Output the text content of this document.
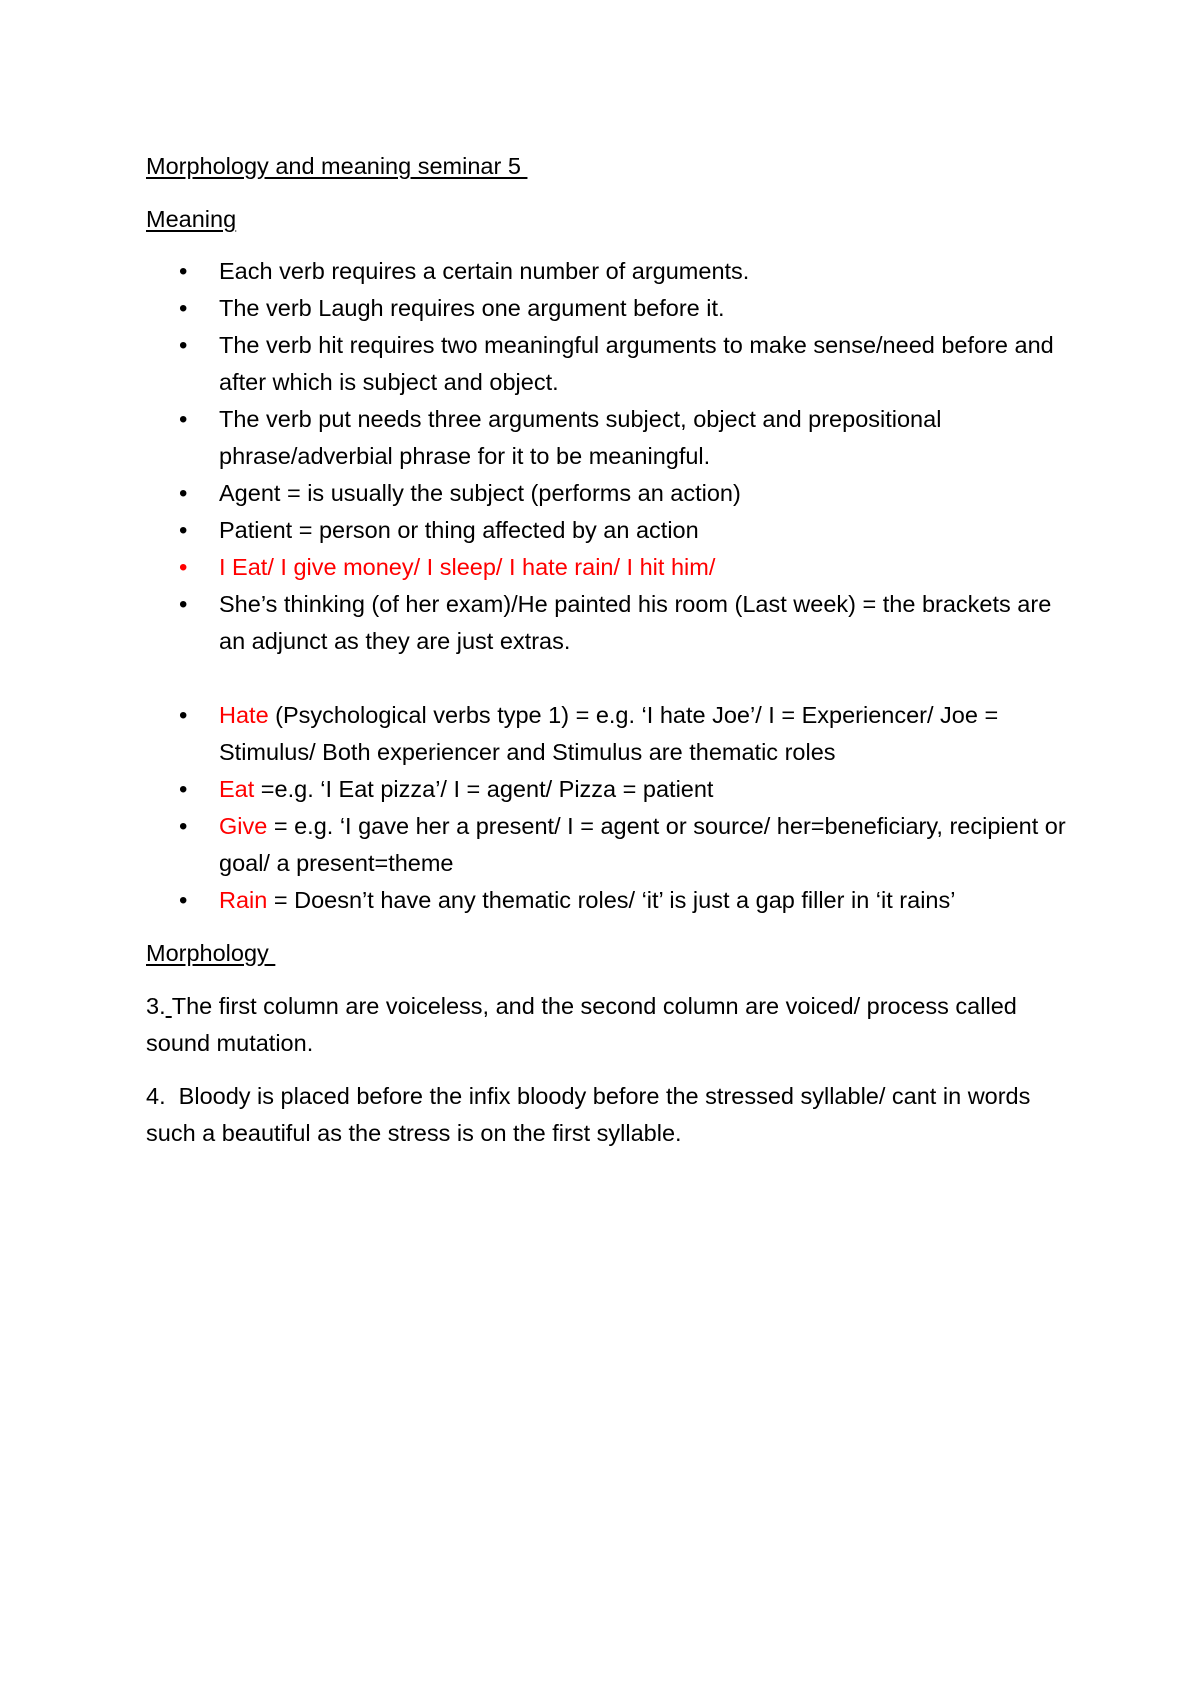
Morphology and meaning seminar 5

Meaning

• Each verb requires a certain number of arguments.
• The verb Laugh requires one argument before it.
• The verb hit requires two meaningful arguments to make sense/need before and after which is subject and object.
• The verb put needs three arguments subject, object and prepositional phrase/adverbial phrase for it to be meaningful.
• Agent = is usually the subject (performs an action)
• Patient = person or thing affected by an action
• I Eat/ I give money/ I sleep/ I hate rain/ I hit him/
• She’s thinking (of her exam)/He painted his room (Last week) = the brackets are an adjunct as they are just extras.
• Hate (Psychological verbs type 1) = e.g. ‘I hate Joe’/ I = Experiencer/ Joe = Stimulus/ Both experiencer and Stimulus are thematic roles
• Eat =e.g. ‘I Eat pizza’/ I = agent/ Pizza = patient
• Give = e.g. ‘I gave her a present/ I = agent or source/ her=beneficiary, recipient or goal/ a present=theme
• Rain = Doesn’t have any thematic roles/ ‘it’ is just a gap filler in ‘it rains’

Morphology

3. The first column are voiceless, and the second column are voiced/ process called sound mutation.

4. Bloody is placed before the infix bloody before the stressed syllable/ cant in words such a beautiful as the stress is on the first syllable.
